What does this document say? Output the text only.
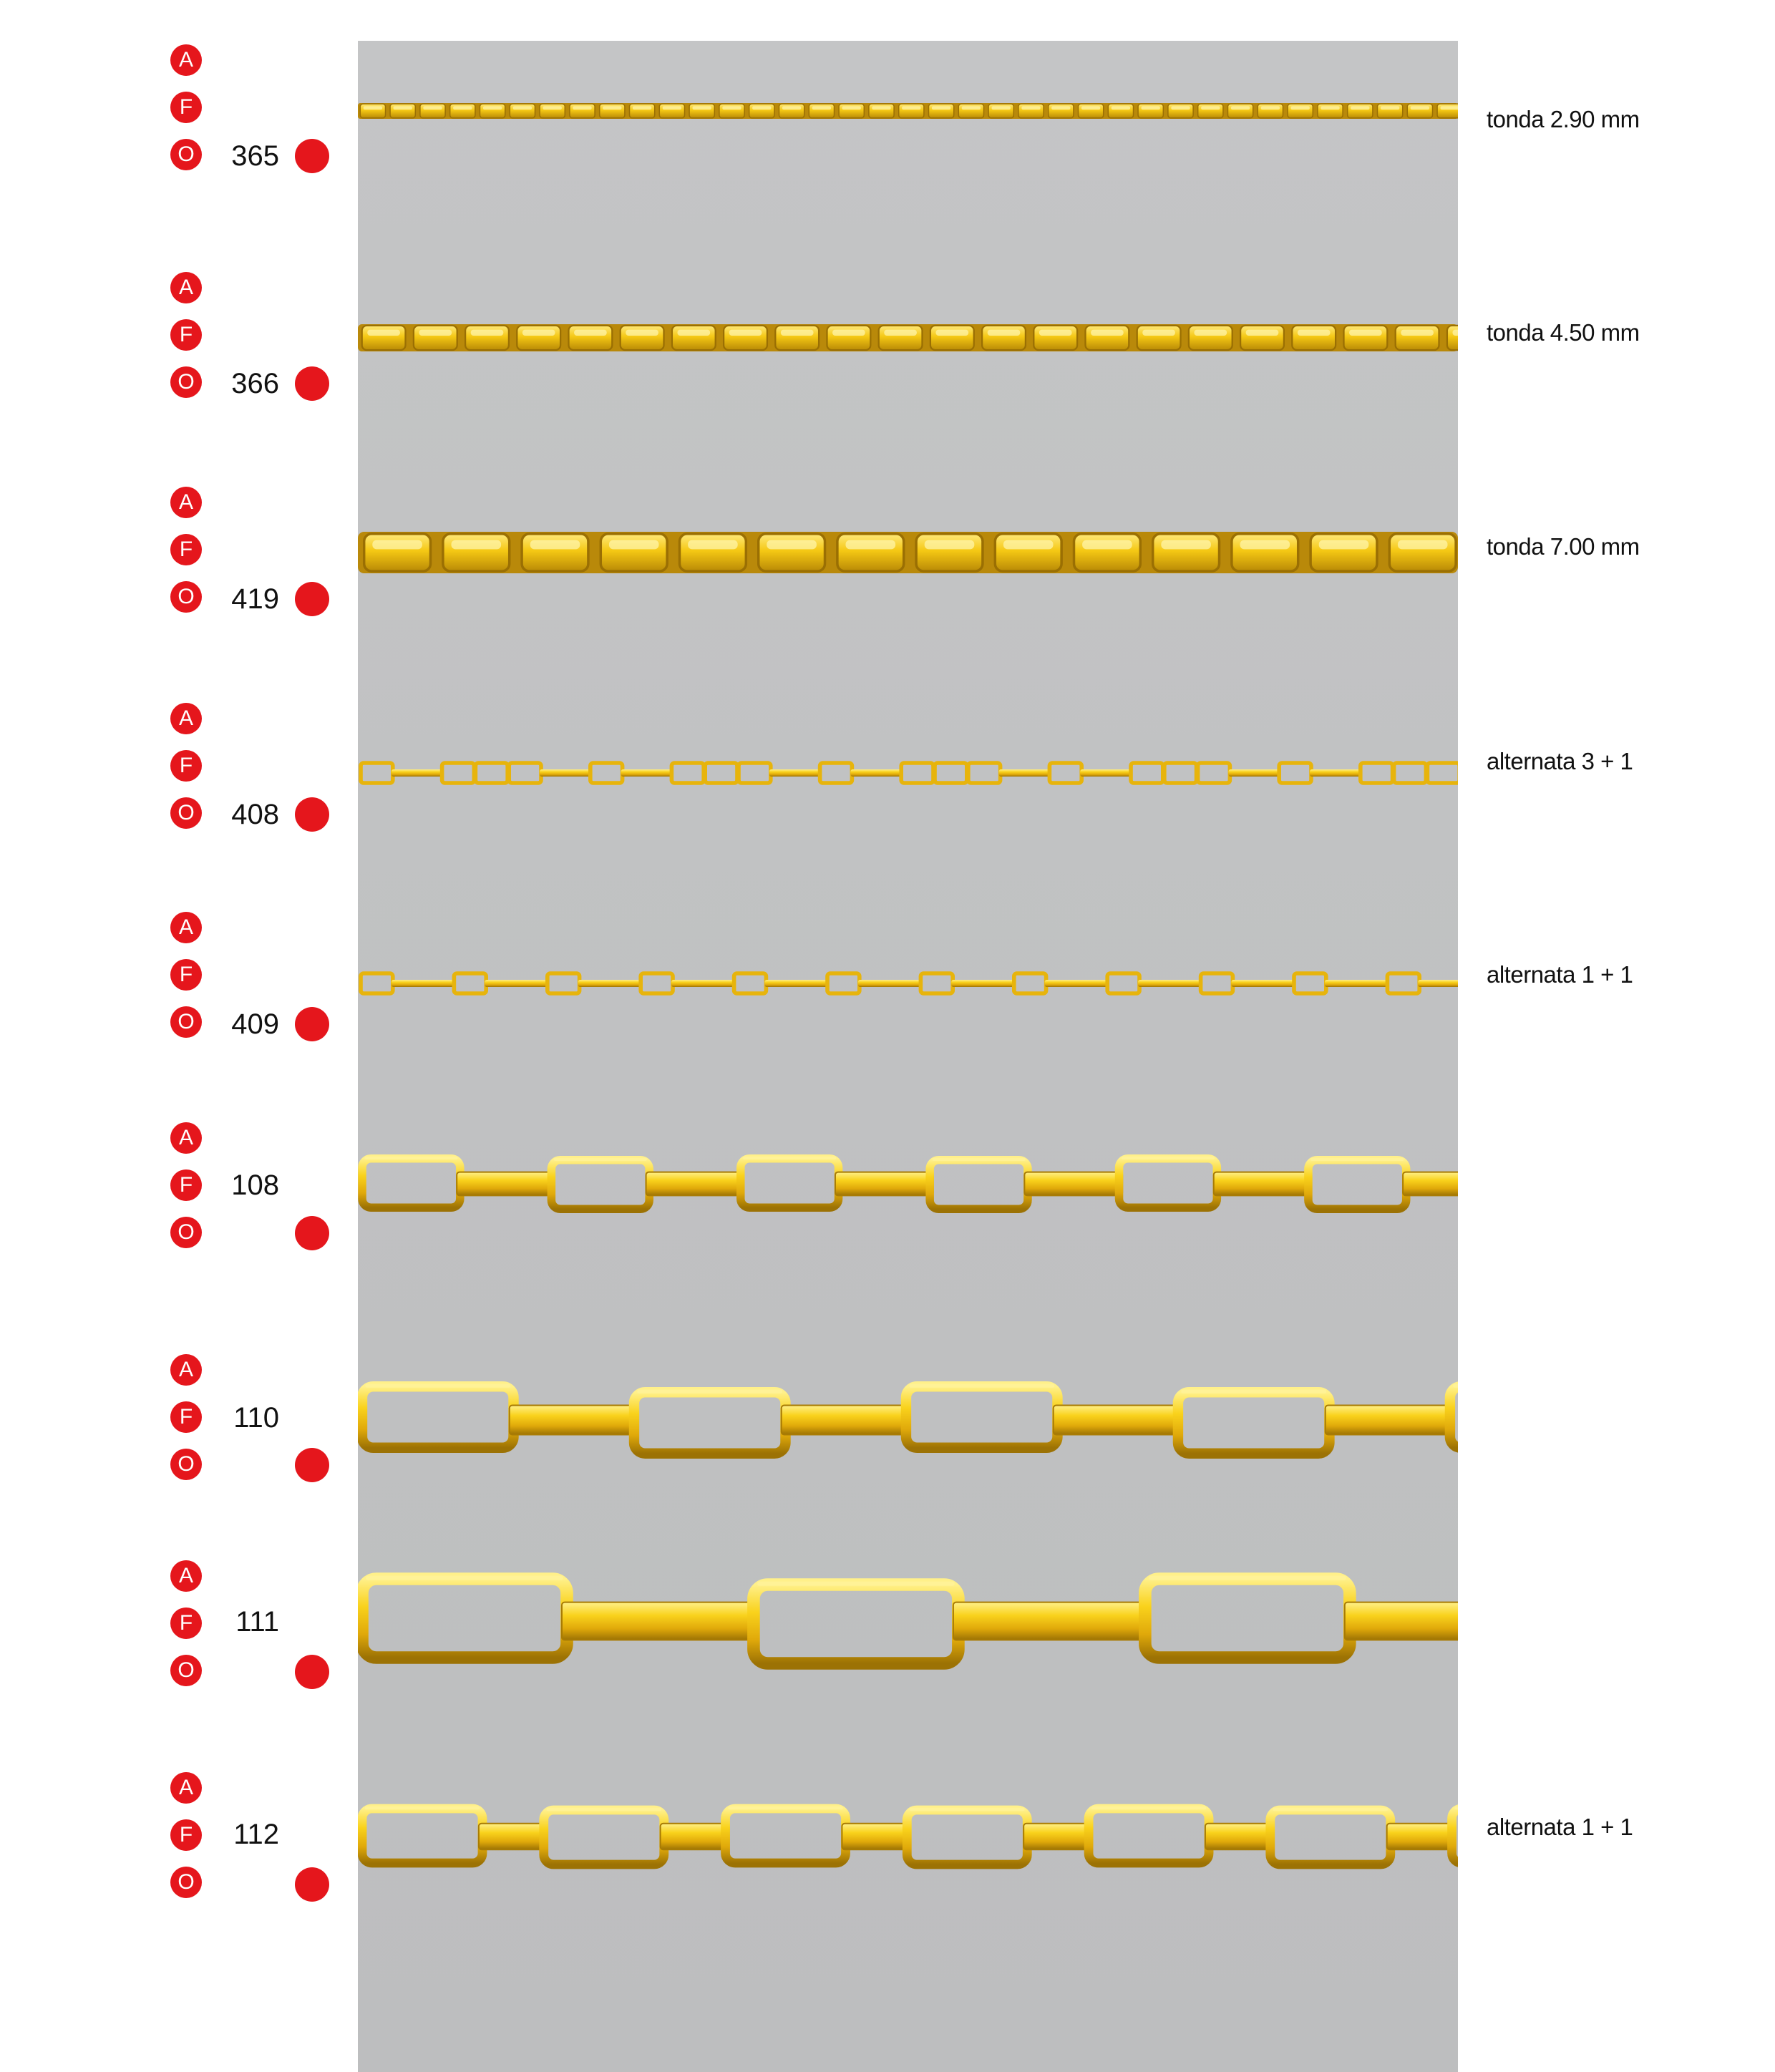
A
F
O	365
tonda 2.90 mm
A
F
O	366
tonda 4.50 mm
A
F
O	419
tonda 7.00 mm
A
F
O	408
alternata 3 + 1
A
F
O	409
alternata 1 + 1
A
F
O
108
A
F
O
110
A
F
O
111
A
F
O
112	alternata 1 + 1
